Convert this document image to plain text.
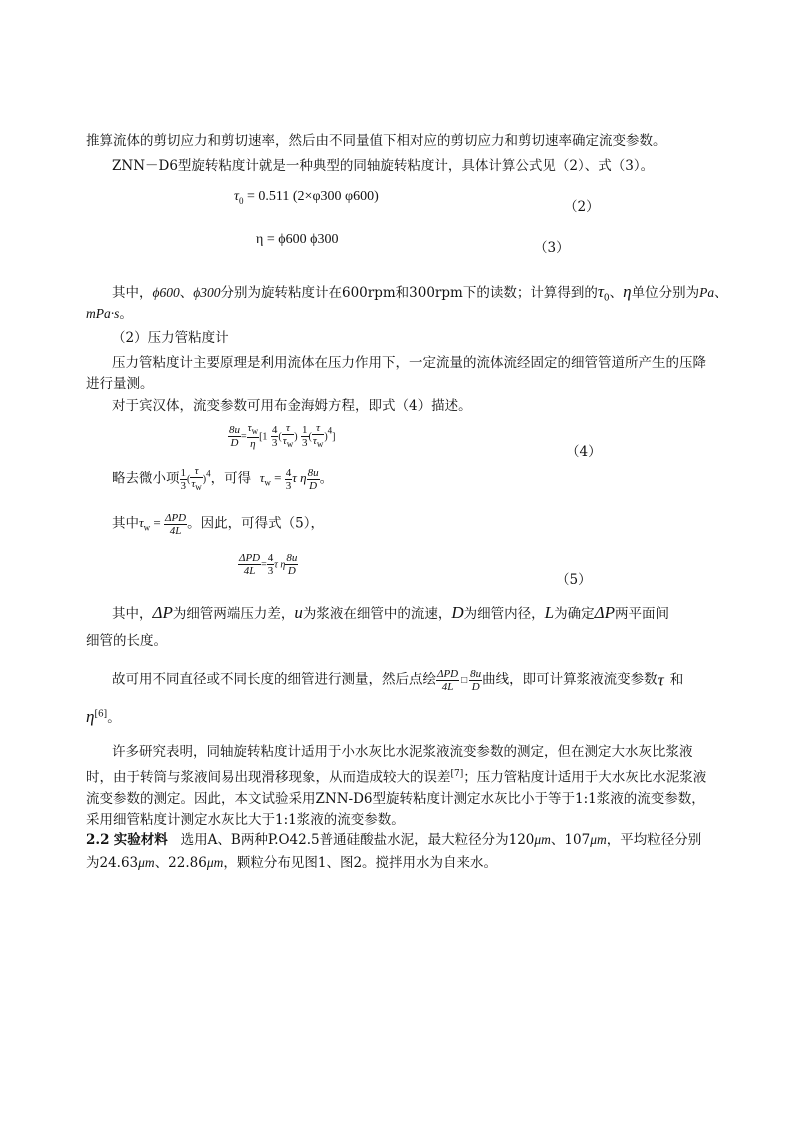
推算流体的剪切应力和剪切速率，然后由不同量值下相对应的剪切应力和剪切速率确定流变参数。
ZNN－D6型旋转粘度计就是一种典型的同轴旋转粘度计，具体计算公式见（2）、式（3）。
$\tau_0 = 0.511$ (2×φ300 φ600)
（2）
η = ϕ600 ϕ300
（3）
其中，ϕ600、ϕ300分别为旋转粘度计在600rpm和300rpm下的读数；计算得到的$\tau_0$、η单位分别为Pa、
mPa·s。
（2）压力管粘度计
压力管粘度计主要原理是利用流体在压力作用下，一定流量的流体流经固定的细管管道所产生的压降进行量测。
对于宾汉体，流变参数可用布金海姆方程，即式（4）描述。
$\frac{8u}{D} = \frac{\tau_w}{\eta} [1 \frac{4}{3}$ ( $\frac{\tau}{\tau_w}$ ) $\frac{1}{3}$ ( $\frac{\tau}{\tau_w} )^4$]
（4）
略去微小项 $\frac{1}{3}$ ( $\frac{\tau}{\tau_w} )^4$，可得 $\tau_w = \frac{4}{3}$ τ η $\frac{8u}{D}$ 。
其中$\tau_w = \frac{\text{ΔPD}}{4L}$ 。因此，可得式（5），
$\frac{\text{ΔPD}}{4L} = \frac{4}{3}$ τ η $\frac{8u}{D}$
（5）
其中，ΔP为细管两端压力差，u为浆液在细管中的流速，D为细管内径，L为确定ΔP两平面间
细管的长度。
故可用不同直径或不同长度的细管进行测量，然后点绘 $\frac{\text{ΔPD}}{4L}$ □ $\frac{8u}{D}$ 曲线，即可计算浆液流变参数τ 和
η[6]。
许多研究表明，同轴旋转粘度计适用于小水灰比水泥浆液流变参数的测定，但在测定大水灰比浆液时，由于转筒与浆液间易出现滑移现象，从而造成较大的误差[7]；压力管粘度计适用于大水灰比水泥浆液流变参数的测定。因此，本文试验采用ZNN-D6型旋转粘度计测定水灰比小于等于1:1浆液的流变参数，采用细管粘度计测定水灰比大于1:1浆液的流变参数。
2.2 实验材料 选用A、B两种P.O42.5普通硅酸盐水泥，最大粒径分为120μm、107μm，平均粒径分别
为24.63μm、22.86μm，颗粒分布见图1、图2。搅拌用水为自来水。
